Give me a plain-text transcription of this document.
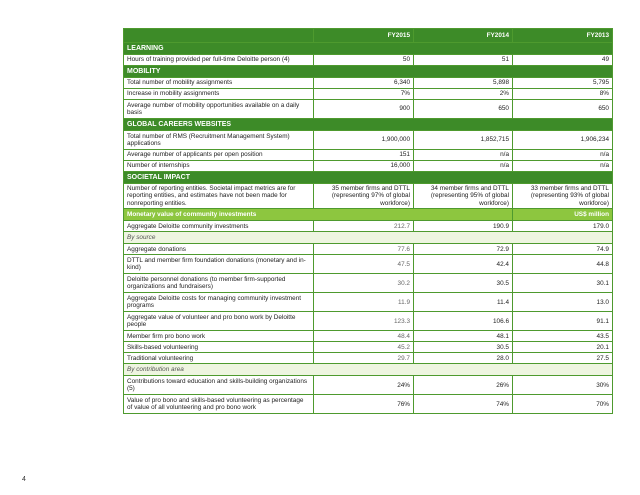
	FY2015	FY2014	FY2013
LEARNING			
Hours of training provided per full-time Deloitte person (4)	50	51	49
MOBILITY			
Total number of mobility assignments	6,340	5,898	5,795
Increase in mobility assignments	7%	2%	8%
Average number of mobility opportunities available on a daily basis	900	650	650
GLOBAL CAREERS WEBSITES			
Total number of RMS (Recruitment Management System) applications	1,900,000	1,852,715	1,906,234
Average number of applicants per open position	151	n/a	n/a
Number of internships	16,000	n/a	n/a
SOCIETAL IMPACT			
Number of reporting entities. Societal impact metrics are for reporting entities, and estimates have not been made for nonreporting entities.	35 member firms and DTTL (representing 97% of global workforce)	34 member firms and DTTL (representing 95% of global workforce)	33 member firms and DTTL (representing 93% of global workforce)
Monetary value of community investments			US$ million
Aggregate Deloitte community investments	212.7	190.9	179.0
By source			
Aggregate donations	77.6	72.9	74.9
DTTL and member firm foundation donations (monetary and in-kind)	47.5	42.4	44.8
Deloitte personnel donations (to member firm-supported organizations and fundraisers)	30.2	30.5	30.1
Aggregate Deloitte costs for managing community investment programs	11.9	11.4	13.0
Aggregate value of volunteer and pro bono work by Deloitte people	123.3	106.6	91.1
Member firm pro bono work	48.4	48.1	43.5
Skills-based volunteering	45.2	30.5	20.1
Traditional volunteering	29.7	28.0	27.5
By contribution area			
Contributions toward education and skills-building organizations (5)	24%	26%	30%
Value of pro bono and skills-based volunteering as percentage of value of all volunteering and pro bono work	76%	74%	70%
4
